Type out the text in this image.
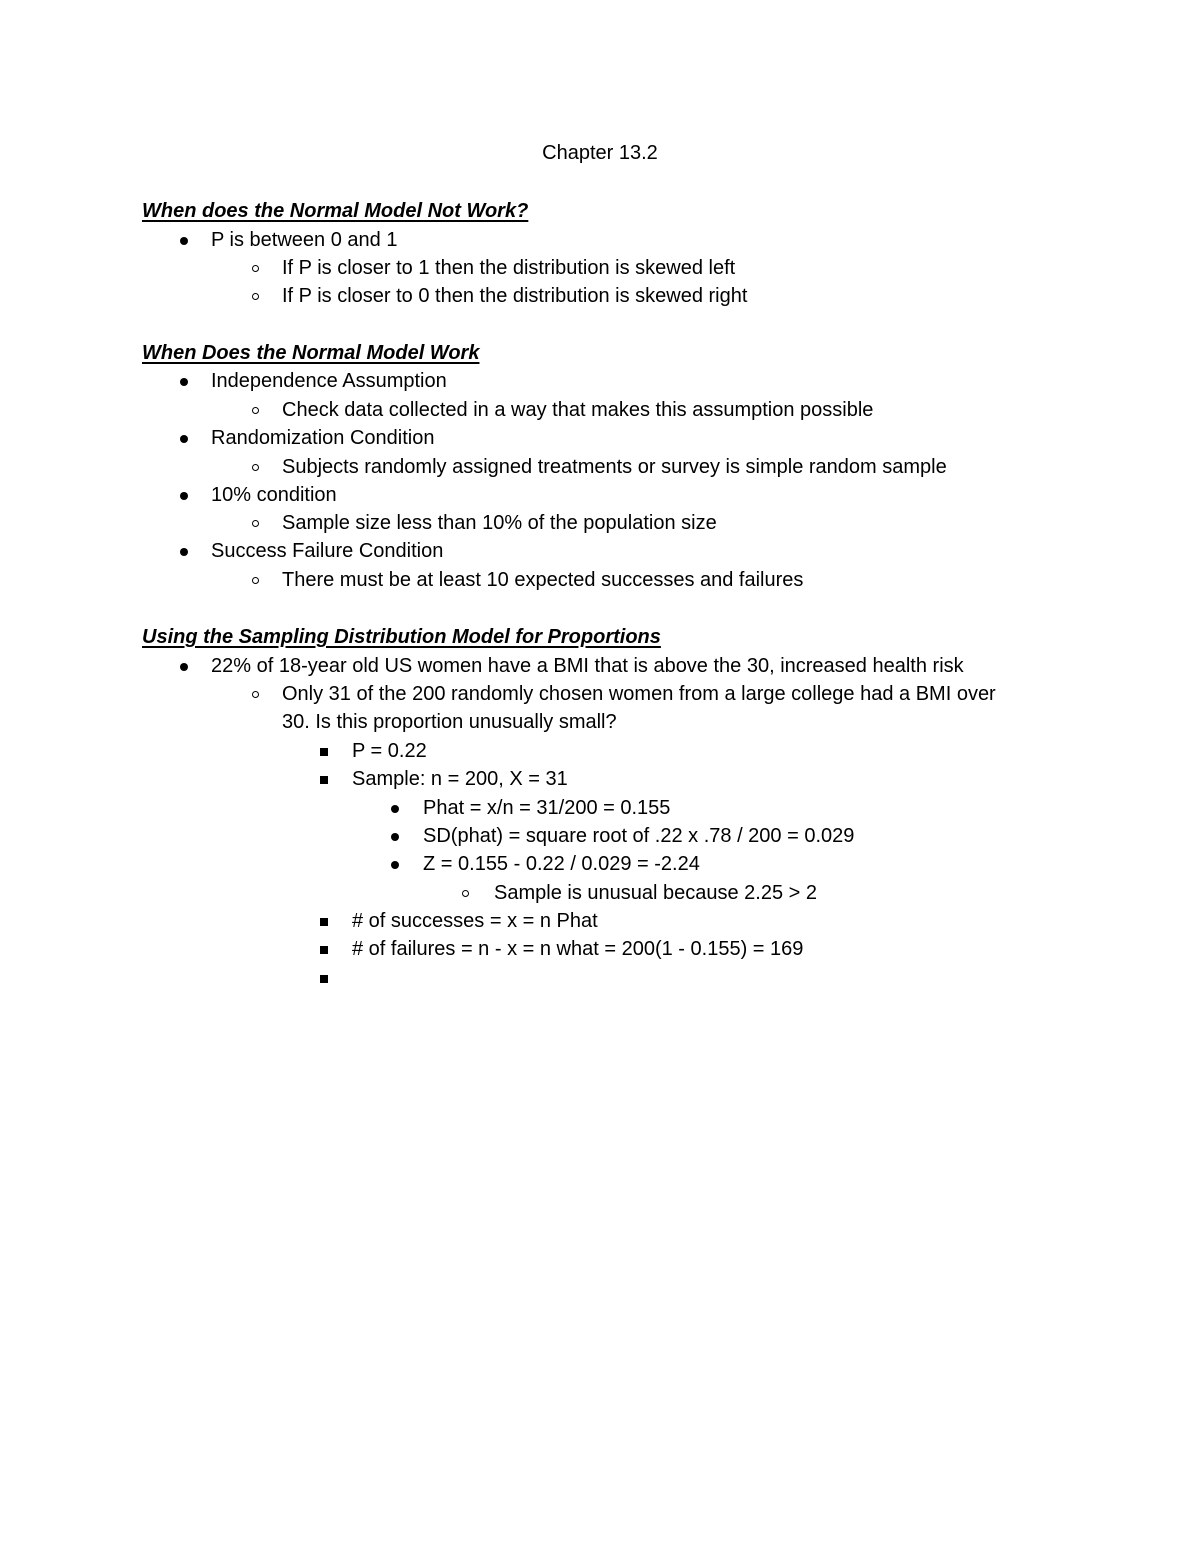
Chapter 13.2
When does the Normal Model Not Work?
P is between 0 and 1
If P is closer to 1 then the distribution is skewed left
If P is closer to 0 then the distribution is skewed right
When Does the Normal Model Work
Independence Assumption
Check data collected in a way that makes this assumption possible
Randomization Condition
Subjects randomly assigned treatments or survey is simple random sample
10% condition
Sample size less than 10% of the population size
Success Failure Condition
There must be at least 10 expected successes and failures
Using the Sampling Distribution Model for Proportions
22% of 18-year old US women have a BMI that is above the 30, increased health risk
Only 31 of the 200 randomly chosen women from a large college had a BMI over
30. Is this proportion unusually small?
P = 0.22
Sample: n = 200, X = 31
Phat = x/n = 31/200 = 0.155
SD(phat) = square root of .22 x .78 / 200 = 0.029
Z = 0.155 - 0.22 / 0.029 = -2.24
Sample is unusual because 2.25 > 2
# of successes = x = n Phat
# of failures = n - x = n what = 200(1 - 0.155) = 169
